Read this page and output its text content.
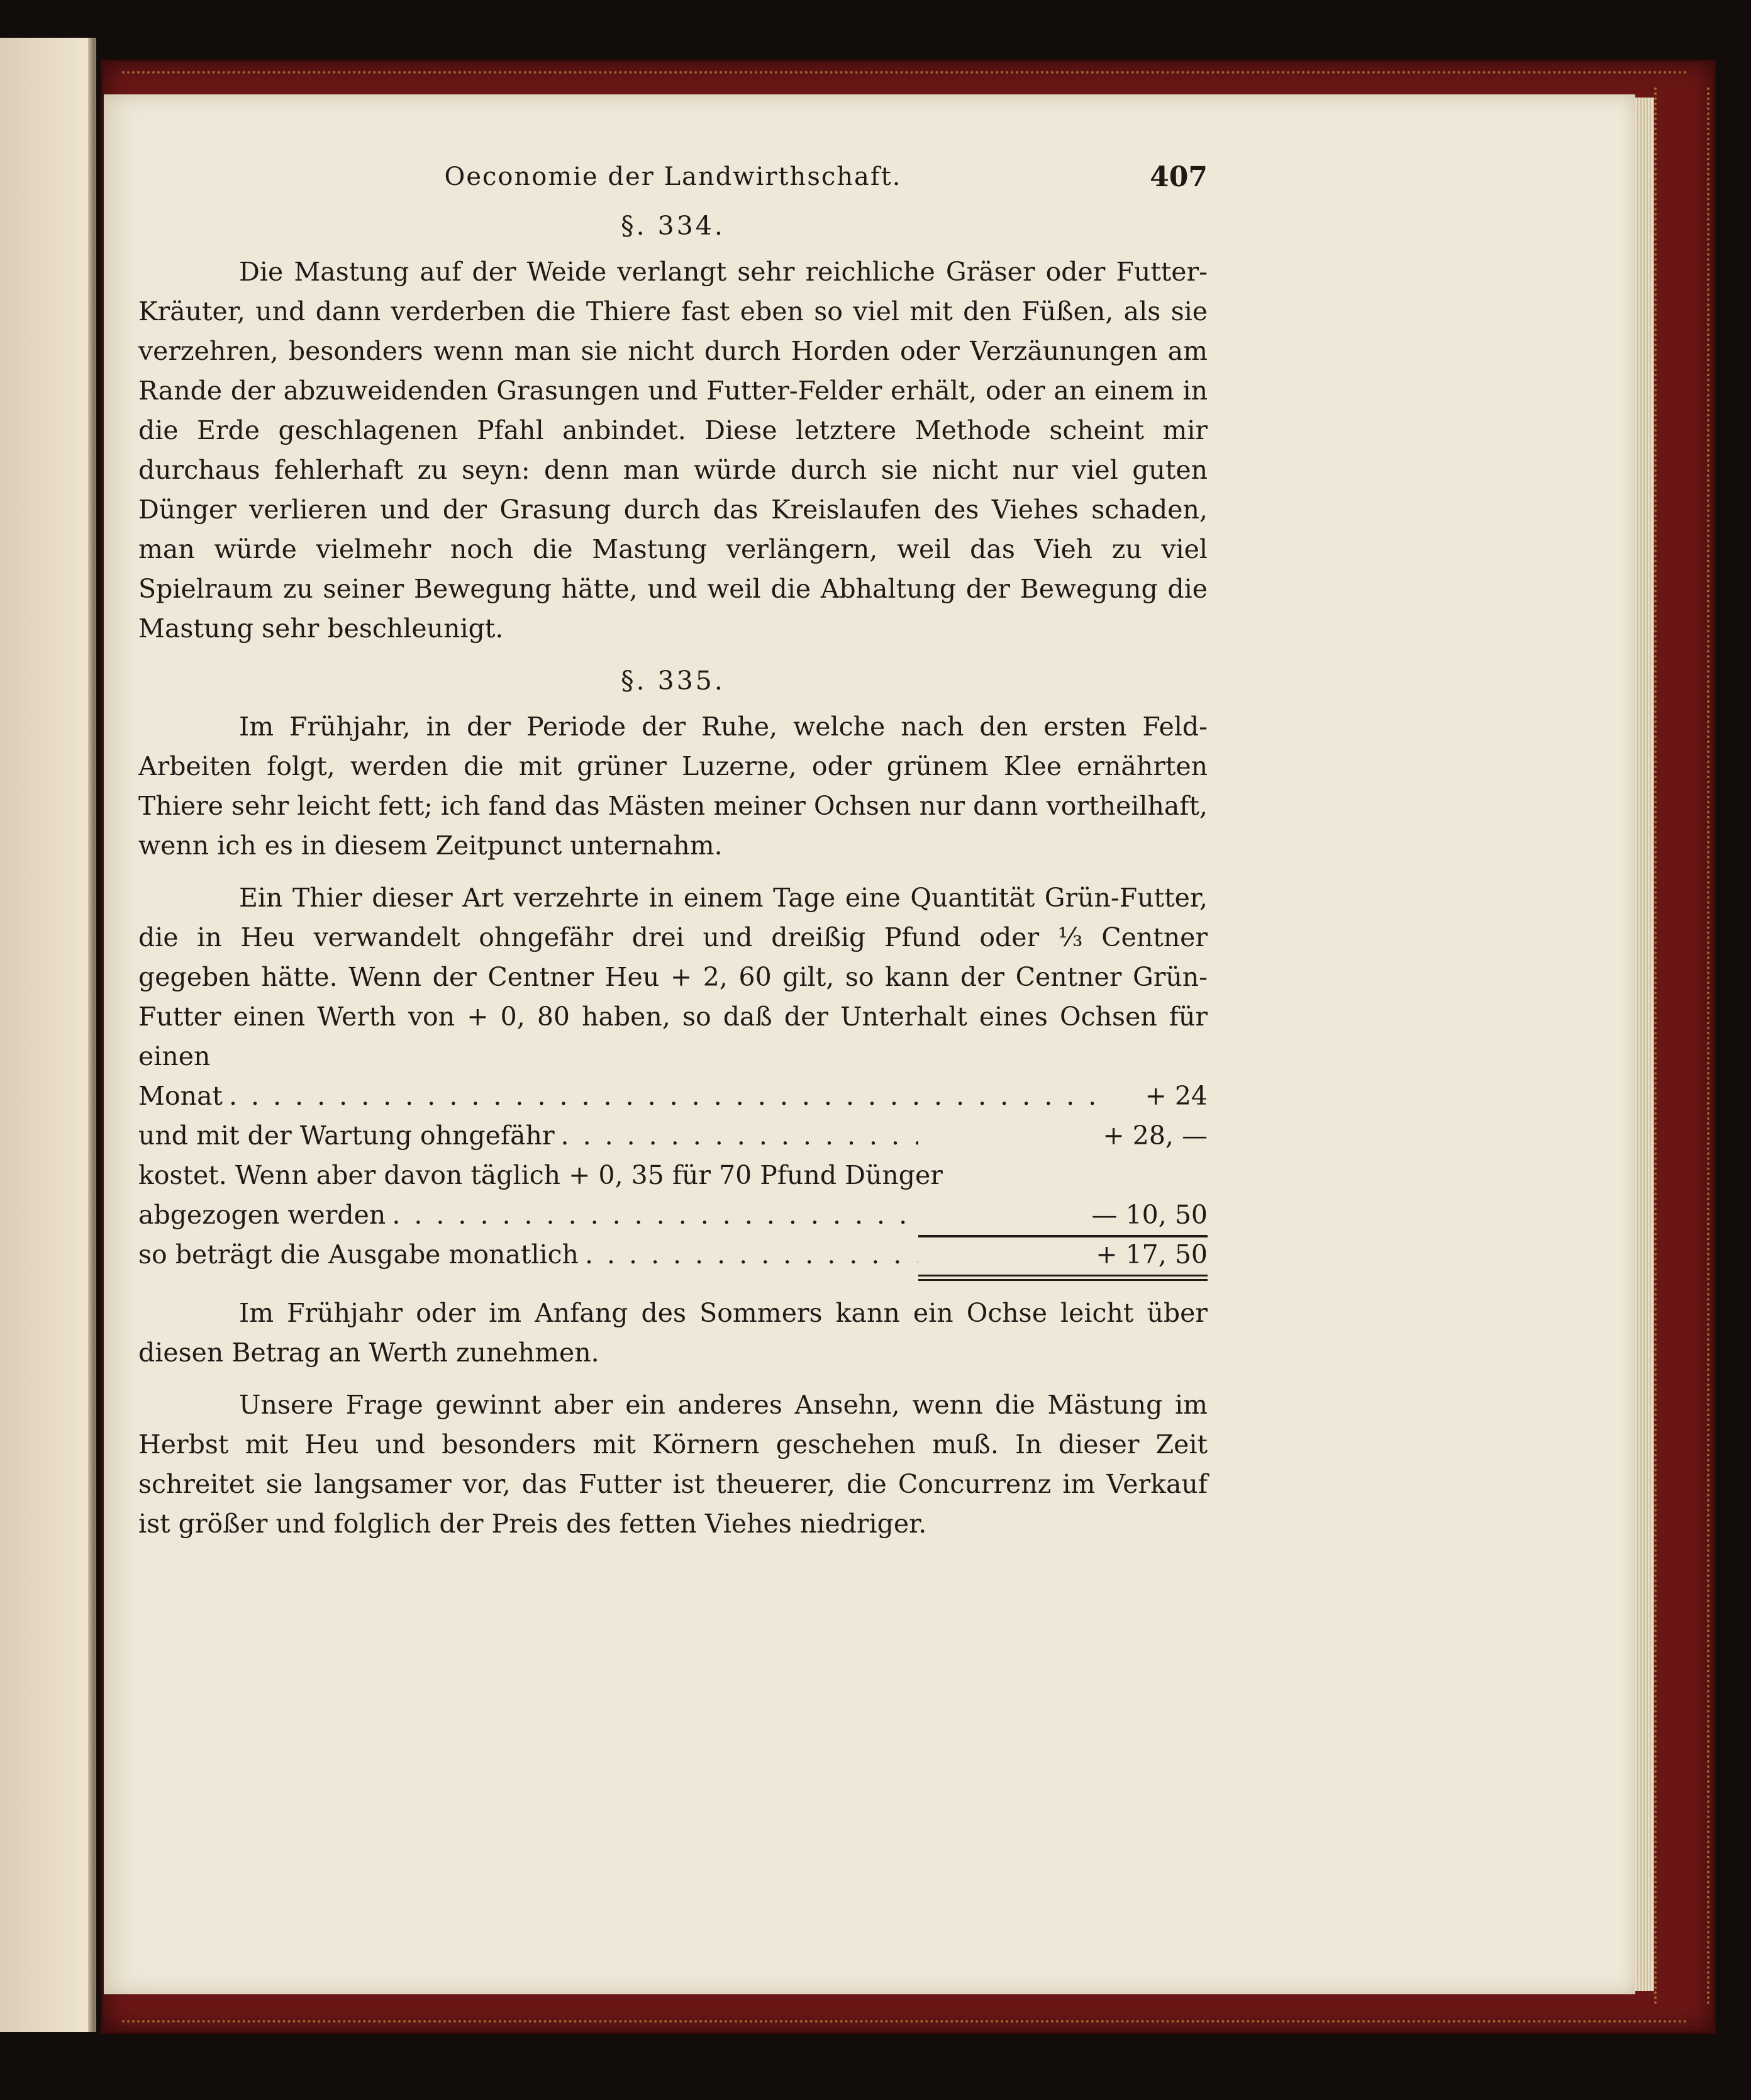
Oeconomie der Landwirthschaft.	407
§. 334.

Die Mastung auf der Weide verlangt sehr reichliche Gräser oder Futter-Kräuter, und dann verderben die Thiere fast eben so viel mit den Füßen, als sie verzehren, besonders wenn man sie nicht durch Horden oder Verzäunungen am Rande der abzuweidenden Grasungen und Futter-Felder erhält, oder an einem in die Erde geschlagenen Pfahl anbindet. Diese letztere Methode scheint mir durchaus fehlerhaft zu seyn: denn man würde durch sie nicht nur viel guten Dünger verlieren und der Grasung durch das Kreislaufen des Viehes schaden, man würde vielmehr noch die Mastung verlängern, weil das Vieh zu viel Spielraum zu seiner Bewegung hätte, und weil die Abhaltung der Bewegung die Mastung sehr beschleunigt.

§. 335.

Im Frühjahr, in der Periode der Ruhe, welche nach den ersten Feld-Arbeiten folgt, werden die mit grüner Luzerne, oder grünem Klee ernährten Thiere sehr leicht fett; ich fand das Mästen meiner Ochsen nur dann vortheilhaft, wenn ich es in diesem Zeitpunct unternahm.

Ein Thier dieser Art verzehrte in einem Tage eine Quantität Grün-Futter, die in Heu verwandelt ohngefähr drei und dreißig Pfund oder ⅓ Centner gegeben hätte. Wenn der Centner Heu + 2, 60 gilt, so kann der Centner Grün-Futter einen Werth von + 0, 80 haben, so daß der Unterhalt eines Ochsen für einen

Monat .....	+ 24
und mit der Wartung ohngefähr .....	+ 28, —
kostet. Wenn aber davon täglich + 0, 35 für 70 Pfund Dünger
abgezogen werden .....	— 10, 50
so beträgt die Ausgabe monatlich .....	+ 17, 50

Im Frühjahr oder im Anfang des Sommers kann ein Ochse leicht über diesen Betrag an Werth zunehmen.

Unsere Frage gewinnt aber ein anderes Ansehn, wenn die Mästung im Herbst mit Heu und besonders mit Körnern geschehen muß. In dieser Zeit schreitet sie langsamer vor, das Futter ist theuerer, die Concurrenz im Verkauf ist größer und folglich der Preis des fetten Viehes niedriger.
